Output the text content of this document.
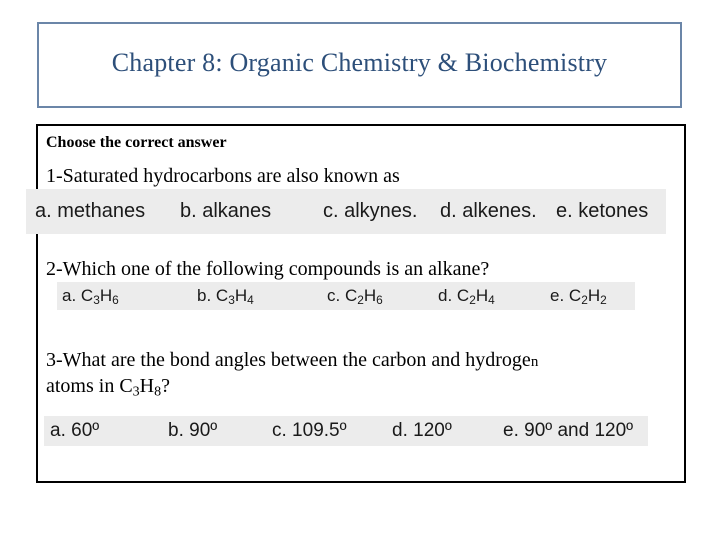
Chapter 8: Organic Chemistry & Biochemistry
Choose the correct answer
1-Saturated hydrocarbons are also known as
2-Which one of the following compounds is an alkane?
3-What are the bond angles between the carbon and hydrogen
atoms in $C_3H_8$?
a. methanes b. alkanes	c. alkynes. d. alkenes. e. ketones
a. $C_3H_6$	b. $C_3H_4$	c. $C_2H_6$	d. $C_2H_4$	e. $C_2H_2$
a. 60º	b. 90º	c. 109.5º d. 120º	e. 90º and 120º
